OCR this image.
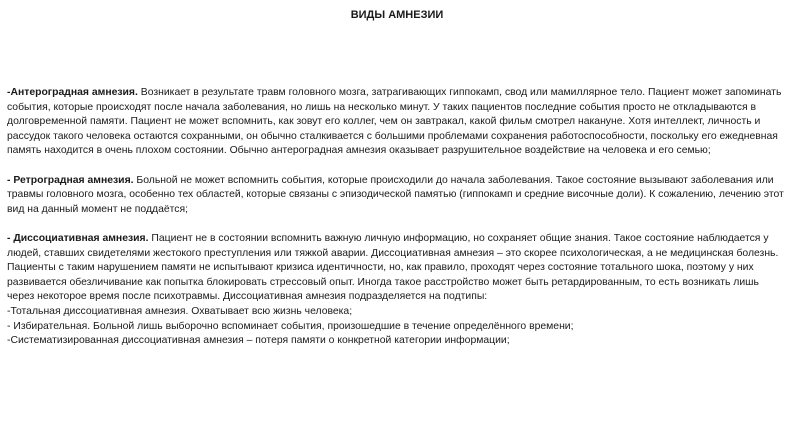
ВИДЫ АМНЕЗИИ

-Антероградная амнезия. Возникает в результате травм головного мозга, затрагивающих гиппокамп, свод или мамиллярное тело. Пациент может запоминать события, которые происходят после начала заболевания, но лишь на несколько минут. У таких пациентов последние события просто не откладываются в долговременной памяти. Пациент не может вспомнить, как зовут его коллег, чем он завтракал, какой фильм смотрел накануне. Хотя интеллект, личность и рассудок такого человека остаются сохранными, он обычно сталкивается с большими проблемами сохранения работоспособности, поскольку его ежедневная память находится в очень плохом состоянии. Обычно антероградная амнезия оказывает разрушительное воздействие на человека и его семью;

- Ретроградная амнезия. Больной не может вспомнить события, которые происходили до начала заболевания. Такое состояние вызывают заболевания или травмы головного мозга, особенно тех областей, которые связаны с эпизодической памятью (гиппокамп и средние височные доли). К сожалению, лечению этот вид на данный момент не поддаётся;

- Диссоциативная амнезия. Пациент не в состоянии вспомнить важную личную информацию, но сохраняет общие знания. Такое состояние наблюдается у людей, ставших свидетелями жестокого преступления или тяжкой аварии. Диссоциативная амнезия – это скорее психологическая, а не медицинская болезнь. Пациенты с таким нарушением памяти не испытывают кризиса идентичности, но, как правило, проходят через состояние тотального шока, поэтому у них развивается обезличивание как попытка блокировать стрессовый опыт. Иногда такое расстройство может быть ретардированным, то есть возникать лишь через некоторое время после психотравмы. Диссоциативная амнезия подразделяется на подтипы:
-Тотальная диссоциативная амнезия. Охватывает всю жизнь человека;
- Избирательная. Больной лишь выборочно вспоминает события, произошедшие в течение определённого времени;
-Систематизированная диссоциативная амнезия – потеря памяти о конкретной категории информации;
